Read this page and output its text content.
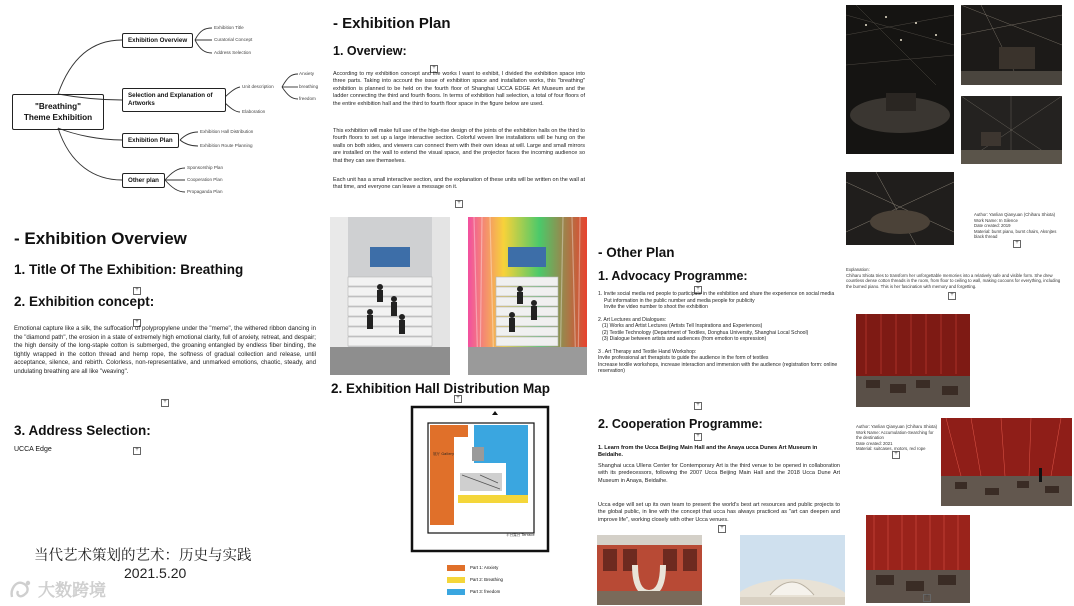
"Breathing"
Theme Exhibition
Exhibition Overview
Selection and Explanation of Artworks
Exhibition Plan
Other plan
Exhibition Title
Curatorial Concept
Address Selection
Unit description
Elaboration
Anxiety
breathing
freedom
Exhibition Hall Distribution
Exhibition Route Planning
Sponsorship Plan
Cooperation Plan
Propaganda Plan
- Exhibition Overview
1. Title Of The Exhibition: Breathing
+
2. Exhibition concept:
+
Emotional capture like a silk, the suffocation of polypropylene under the "meme", the withered ribbon dancing in the "diamond path", the erosion in a state of extremely high emotional clarity, full of anxiety, retreat, and despair; the high density of the long-staple cotton is submerged, the groaning entangled by endless fiber binding, the tightly wrapped in the cotton thread and hemp rope, the softness of gradual collection and release, until acceptance, silence, and rebirth. Colorless, non-representative, and unmarked emotions, chaotic, steady, and undulating breathing are all like "weaving".
+
3. Address Selection:
UCCA Edge	+
当代艺术策划的艺术：历史与实践
2021.5.20
大数跨境
- Exhibition Plan
1. Overview:
+
According to my exhibition concept and the works I want to exhibit, I divided the exhibition space into three parts. Taking into account the issue of exhibition space and installation works, this "breathing" exhibition is planned to be held on the fourth floor of Shanghai UCCA EDGE Art Museum and the ladder connecting the third and fourth floors. In terms of exhibition hall selection, a total of four floors of the entire exhibition hall and the third to fourth floor space in the figure below are used.
This exhibition will make full use of the high-rise design of the joints of the exhibition halls on the third to fourth floors to set up a large interactive section. Colorful woven line installations will be hung on the walls on both sides, and viewers can connect them with their own ideas at will. Large and small mirrors are installed on the wall to extend the visual space, and the projector faces the incoming audience so that they can see themselves.
Each unit has a small interactive section, and the explanation of these units will be written on the wall at that time, and everyone can leave a message on it.
+
2. Exhibition Hall Distribution Map
+
展厅 Gallery
平台露台 Terrace
Part 1: Anxiety
Part 2: Breathing
Part 3: freedom
- Other Plan
1. Advocacy Programme:
+
1. Invite social media red people to participate in the exhibition and share the experience on social media
Put information in the public number and media people for publicity
Invite the video number to shoot the exhibition
2. Art Lectures and Dialogues:
(1) Works and Artist Lectures (Artists Tell Inspirations and Experiences)
(2) Textile Technology (Department of Textiles, Donghua University, Shanghai Local School)
(3) Dialogue between artists and audiences (from emotion to expression)
3 . Art Therapy and Textile Hand Workshop:
Invite professional art therapists to guide the audience in the form of textiles
Increase textile workshops, increase interaction and immersion with the audience (registration form: online reservation)
+
2. Cooperation Programme:
+
1. Learn from the Ucca Beijing Main Hall and the Anaya ucca Dunes Art Museum in Beidaihe.
Shanghai ucca Ullens Center for Contemporary Art is the third venue to be opened in collaboration with its predecessors, following the 2007 Ucca Beijing Main Hall and the 2018 Ucca Dune Art Museum in Anaya, Beidaihe.
Ucca edge will set up its own team to present the world's best art resources and public projects to the global public, in line with the concept that ucca has always practiced as "art can deepen and improve life", working closely with other Ucca venues.
+
Author: Yanlian Qianyuan (Chiharu Shiota)
Work Name: In Silence
Date created: 2019
Material: burnt piano, burnt chairs, Aksnjtes black thread
+
Explanation:
Chiharu Shiota tries to transform her unforgettable memories into a relatively safe and visible form. She drew countless dense cotton threads in the room, from floor to ceiling to wall, making cocoons for everything, including the burned piano. This is her fascination with memory and forgetting.
+
Author: Yanlian Qianyuan (Chiharu Shiota)
Work Name: Accumulation-Searching for the destination
Date created: 2021
Material: suitcases, motors, red rope
+
+
